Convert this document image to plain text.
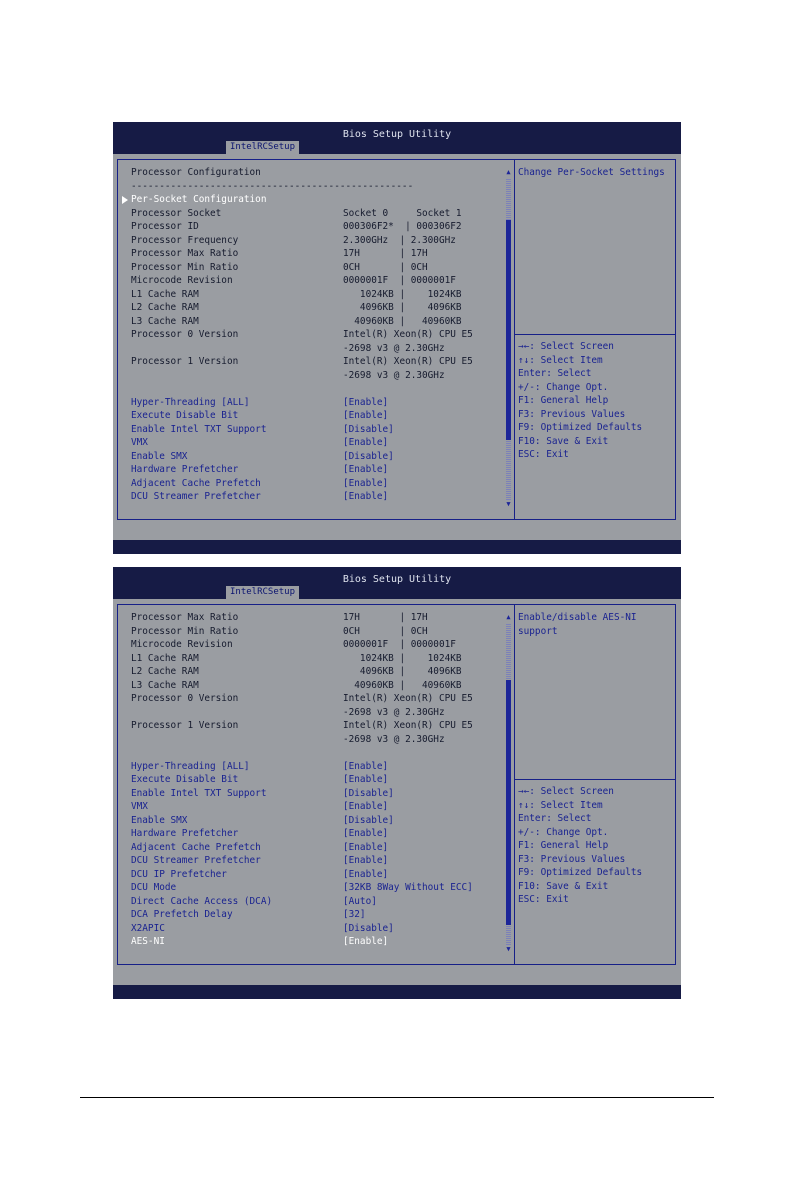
Bios Setup Utility
IntelRCSetup
Processor Configuration
--------------------------------------------------
Per-Socket Configuration
Processor Socket	Socket 0     Socket 1
Processor ID	000306F2*  | 000306F2
Processor Frequency	2.300GHz  | 2.300GHz
Processor Max Ratio	17H       | 17H
Processor Min Ratio	0CH       | 0CH
Microcode Revision	0000001F  | 0000001F
L1 Cache RAM	1024KB |    1024KB
L2 Cache RAM	4096KB |    4096KB
L3 Cache RAM	40960KB |   40960KB
Processor 0 Version	Intel(R) Xeon(R) CPU E5
-2698 v3 @ 2.30GHz
Processor 1 Version	Intel(R) Xeon(R) CPU E5
-2698 v3 @ 2.30GHz
Hyper-Threading [ALL]	[Enable]
Execute Disable Bit	[Enable]
Enable Intel TXT Support	[Disable]
VMX	[Enable]
Enable SMX	[Disable]
Hardware Prefetcher	[Enable]
Adjacent Cache Prefetch	[Enable]
DCU Streamer Prefetcher	[Enable]
▲
▼
Change Per-Socket Settings
→←: Select Screen
↑↓: Select Item
Enter: Select
+/-: Change Opt.
F1: General Help
F3: Previous Values
F9: Optimized Defaults
F10: Save & Exit
ESC: Exit
Bios Setup Utility
IntelRCSetup
Processor Max Ratio	17H       | 17H
Processor Min Ratio	0CH       | 0CH
Microcode Revision	0000001F  | 0000001F
L1 Cache RAM	1024KB |    1024KB
L2 Cache RAM	4096KB |    4096KB
L3 Cache RAM	40960KB |   40960KB
Processor 0 Version	Intel(R) Xeon(R) CPU E5
-2698 v3 @ 2.30GHz
Processor 1 Version	Intel(R) Xeon(R) CPU E5
-2698 v3 @ 2.30GHz
Hyper-Threading [ALL]	[Enable]
Execute Disable Bit	[Enable]
Enable Intel TXT Support	[Disable]
VMX	[Enable]
Enable SMX	[Disable]
Hardware Prefetcher	[Enable]
Adjacent Cache Prefetch	[Enable]
DCU Streamer Prefetcher	[Enable]
DCU IP Prefetcher	[Enable]
DCU Mode	[32KB 8Way Without ECC]
Direct Cache Access (DCA)	[Auto]
DCA Prefetch Delay	[32]
X2APIC	[Disable]
AES-NI	[Enable]
▲
▼
Enable/disable AES-NI
support
→←: Select Screen
↑↓: Select Item
Enter: Select
+/-: Change Opt.
F1: General Help
F3: Previous Values
F9: Optimized Defaults
F10: Save & Exit
ESC: Exit
